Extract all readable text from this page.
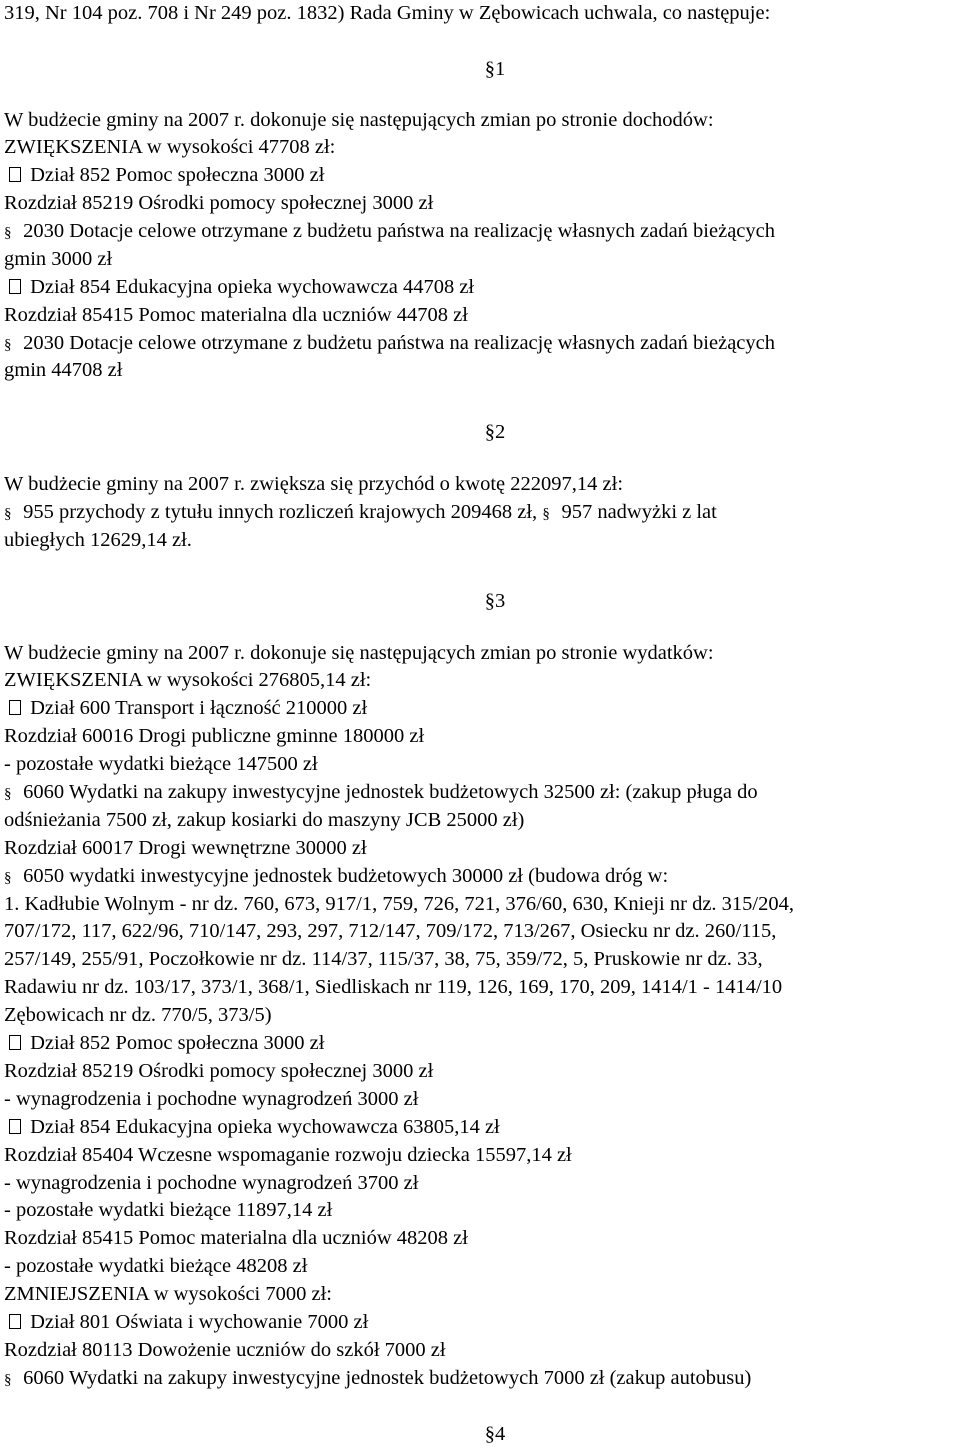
319, Nr 104 poz. 708 i Nr 249 poz. 1832) Rada Gminy w Zębowicach uchwala, co następuje:
§1
W budżecie gminy na 2007 r. dokonuje się następujących zmian po stronie dochodów:
ZWIĘKSZENIA w wysokości 47708 zł:
Dział 852 Pomoc społeczna 3000 zł
Rozdział 85219 Ośrodki pomocy społecznej 3000 zł
§ 2030 Dotacje celowe otrzymane z budżetu państwa na realizację własnych zadań bieżących
gmin 3000 zł
Dział 854 Edukacyjna opieka wychowawcza 44708 zł
Rozdział 85415 Pomoc materialna dla uczniów 44708 zł
§ 2030 Dotacje celowe otrzymane z budżetu państwa na realizację własnych zadań bieżących
gmin 44708 zł
§2
W budżecie gminy na 2007 r. zwiększa się przychód o kwotę 222097,14 zł:
§ 955 przychody z tytułu innych rozliczeń krajowych 209468 zł, § 957 nadwyżki z lat
ubiegłych 12629,14 zł.
§3
W budżecie gminy na 2007 r. dokonuje się następujących zmian po stronie wydatków:
ZWIĘKSZENIA w wysokości 276805,14 zł:
Dział 600 Transport i łączność 210000 zł
Rozdział 60016 Drogi publiczne gminne 180000 zł
- pozostałe wydatki bieżące 147500 zł
§ 6060 Wydatki na zakupy inwestycyjne jednostek budżetowych 32500 zł: (zakup pługa do
odśnieżania 7500 zł, zakup kosiarki do maszyny JCB 25000 zł)
Rozdział 60017 Drogi wewnętrzne 30000 zł
§ 6050 wydatki inwestycyjne jednostek budżetowych 30000 zł (budowa dróg w:
1. Kadłubie Wolnym - nr dz. 760, 673, 917/1, 759, 726, 721, 376/60, 630, Knieji nr dz. 315/204,
707/172, 117, 622/96, 710/147, 293, 297, 712/147, 709/172, 713/267, Osiecku nr dz. 260/115,
257/149, 255/91, Poczołkowie nr dz. 114/37, 115/37, 38, 75, 359/72, 5, Pruskowie nr dz. 33,
Radawiu nr dz. 103/17, 373/1, 368/1, Siedliskach nr 119, 126, 169, 170, 209, 1414/1 - 1414/10
Zębowicach nr dz. 770/5, 373/5)
Dział 852 Pomoc społeczna 3000 zł
Rozdział 85219 Ośrodki pomocy społecznej 3000 zł
- wynagrodzenia i pochodne wynagrodzeń 3000 zł
Dział 854 Edukacyjna opieka wychowawcza 63805,14 zł
Rozdział 85404 Wczesne wspomaganie rozwoju dziecka 15597,14 zł
- wynagrodzenia i pochodne wynagrodzeń 3700 zł
- pozostałe wydatki bieżące 11897,14 zł
Rozdział 85415 Pomoc materialna dla uczniów 48208 zł
- pozostałe wydatki bieżące 48208 zł
ZMNIEJSZENIA w wysokości 7000 zł:
Dział 801 Oświata i wychowanie 7000 zł
Rozdział 80113 Dowożenie uczniów do szkół 7000 zł
§ 6060 Wydatki na zakupy inwestycyjne jednostek budżetowych 7000 zł (zakup autobusu)
§4
